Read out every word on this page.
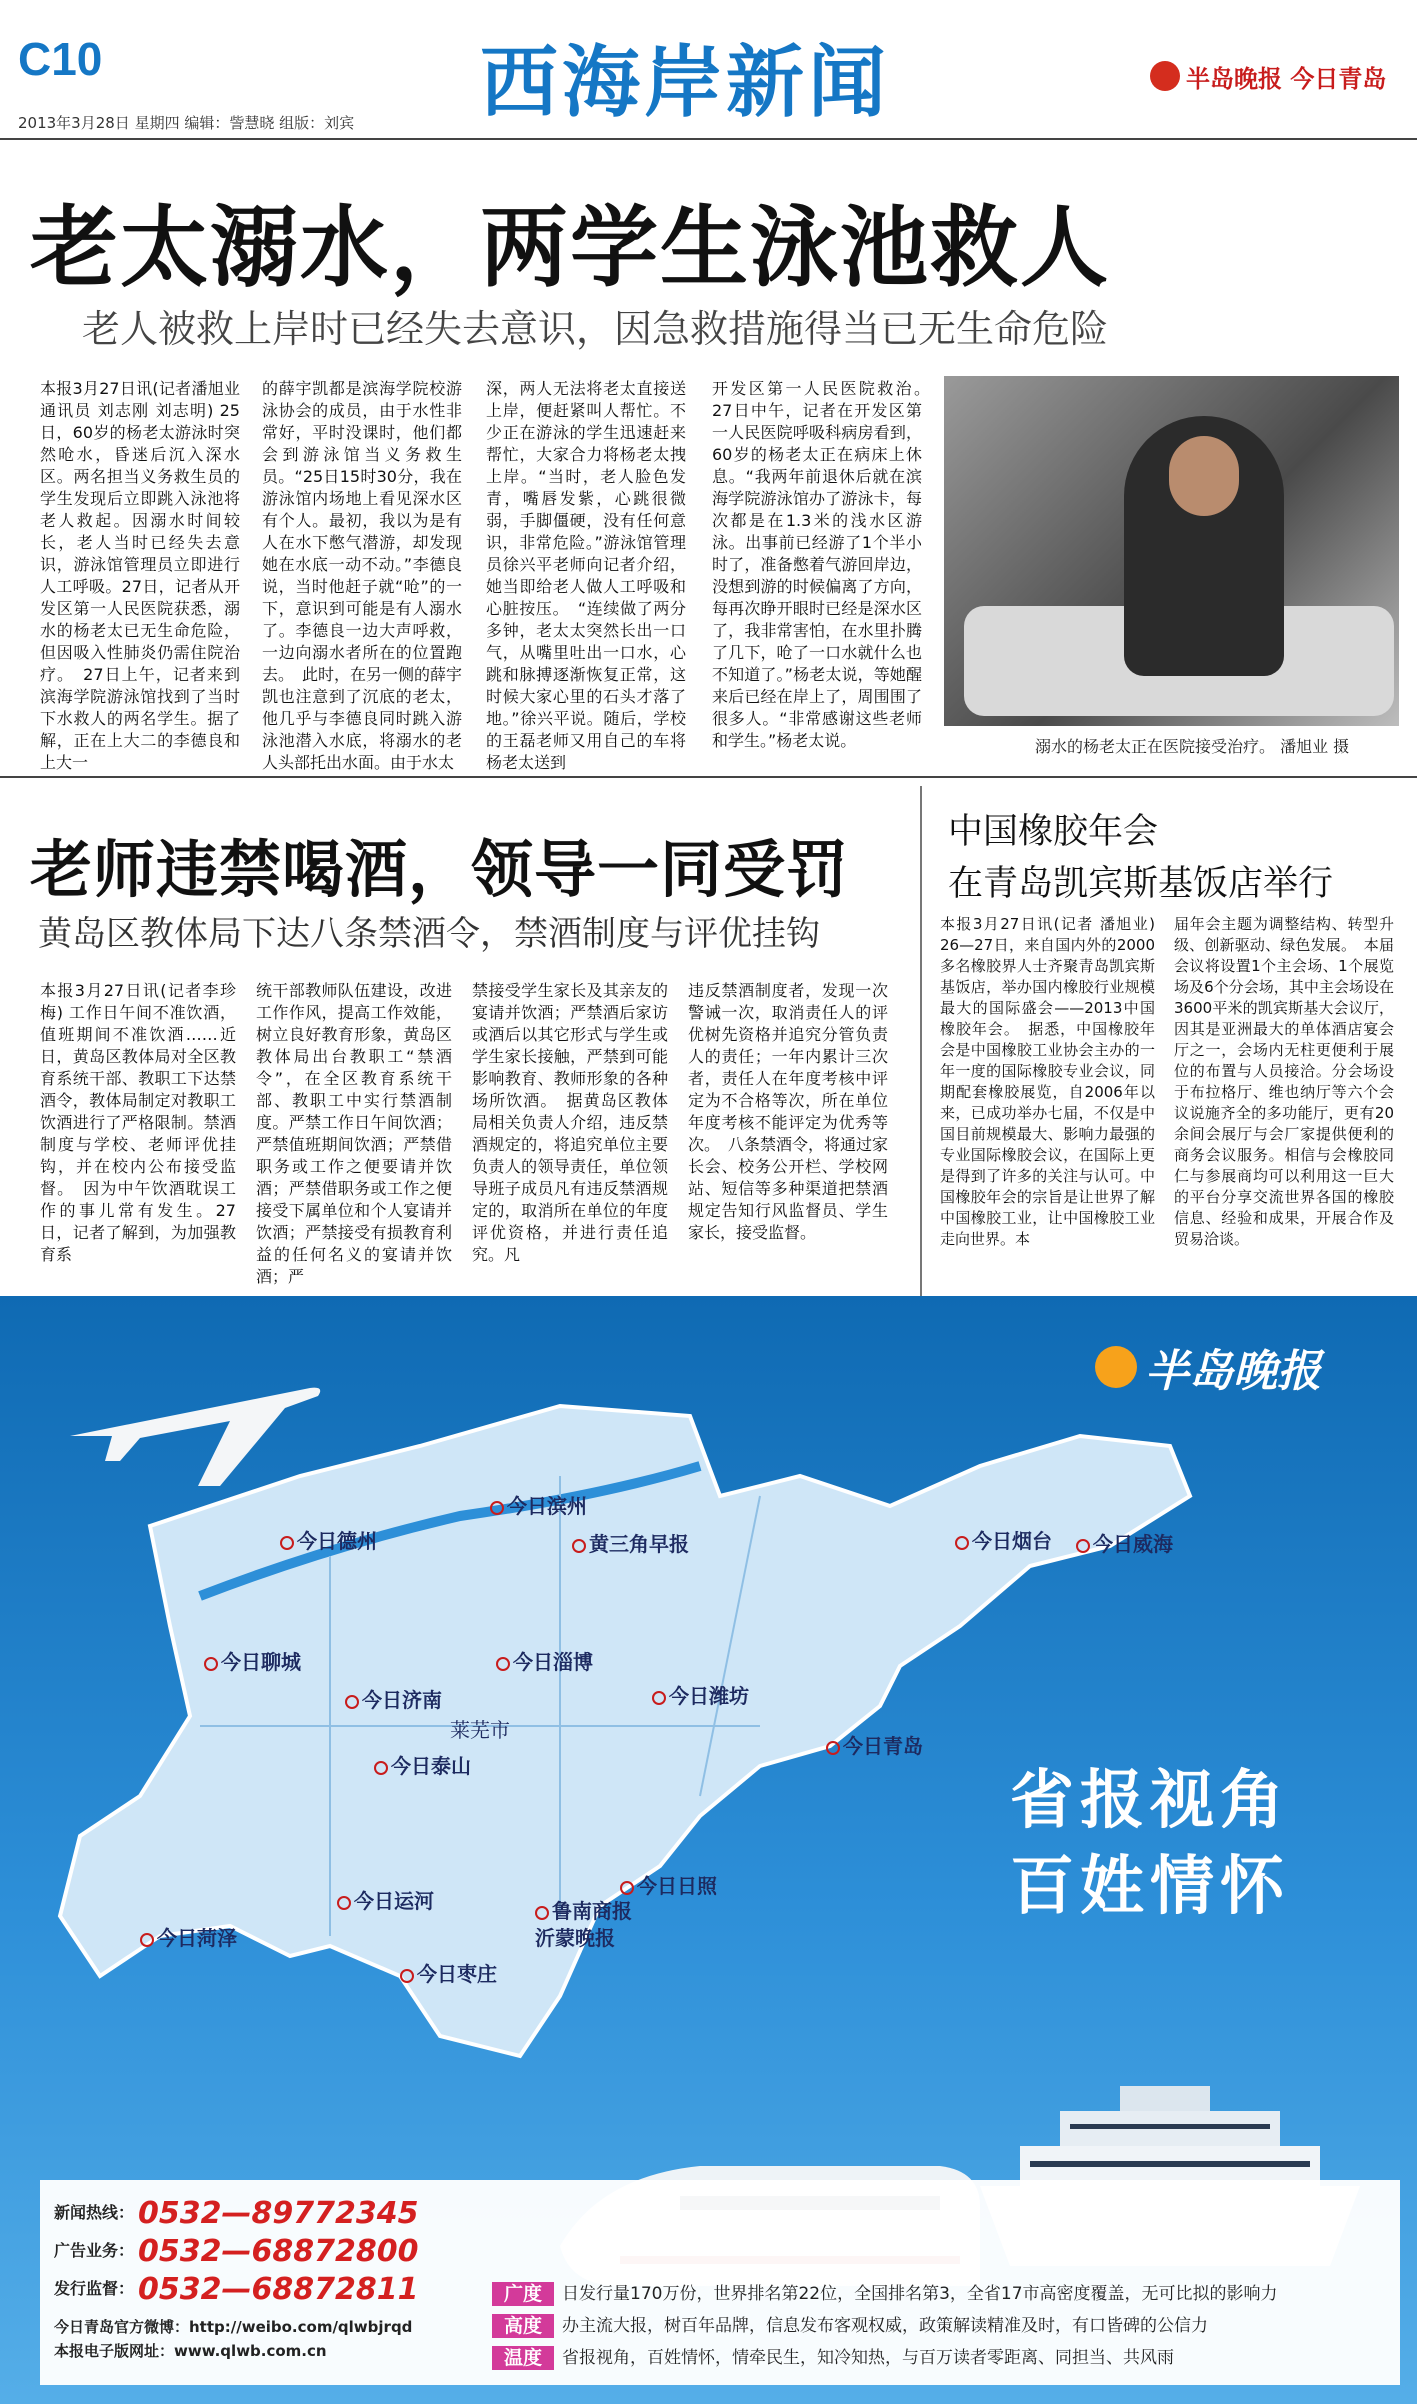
C10	西海岸新闻	半岛晚报 今日青岛
2013年3月28日 星期四 编辑：訾慧晓 组版：刘宾
老太溺水，两学生泳池救人
老人被救上岸时已经失去意识，因急救措施得当已无生命危险
本报3月27日讯(记者潘旭业 通讯员 刘志刚 刘志明) 25日，60岁的杨老太游泳时突然呛水，昏迷后沉入深水区。两名担当义务救生员的学生发现后立即跳入泳池将老人救起。因溺水时间较长，老人当时已经失去意识，游泳馆管理员立即进行人工呼吸。27日，记者从开发区第一人民医院获悉，溺水的杨老太已无生命危险，但因吸入性肺炎仍需住院治疗。　27日上午，记者来到滨海学院游泳馆找到了当时下水救人的两名学生。据了解，正在上大二的李德良和上大一
的薛宇凯都是滨海学院校游泳协会的成员，由于水性非常好，平时没课时，他们都会到游泳馆当义务救生员。“25日15时30分，我在游泳馆内场地上看见深水区有个人。最初，我以为是有人在水下憋气潜游，却发现她在水底一动不动。”李德良说，当时他赶子就“呛”的一下，意识到可能是有人溺水了。李德良一边大声呼救，一边向溺水者所在的位置跑去。　此时，在另一侧的薛宇凯也注意到了沉底的老太，他几乎与李德良同时跳入游泳池潜入水底，将溺水的老人头部托出水面。由于水太
深，两人无法将老太直接送上岸，便赶紧叫人帮忙。不少正在游泳的学生迅速赶来帮忙，大家合力将杨老太拽上岸。“当时，老人脸色发青，嘴唇发紫，心跳很微弱，手脚僵硬，没有任何意识，非常危险。”游泳馆管理员徐兴平老师向记者介绍，她当即给老人做人工呼吸和心脏按压。　“连续做了两分多钟，老太太突然长出一口气，从嘴里吐出一口水，心跳和脉搏逐渐恢复正常，这时候大家心里的石头才落了地。”徐兴平说。随后，学校的王磊老师又用自己的车将杨老太送到
开发区第一人民医院救治。　27日中午，记者在开发区第一人民医院呼吸科病房看到，60岁的杨老太正在病床上休息。“我两年前退休后就在滨海学院游泳馆办了游泳卡，每次都是在1.3米的浅水区游泳。出事前已经游了1个半小时了，准备憋着气游回岸边，没想到游的时候偏离了方向，每再次睁开眼时已经是深水区了，我非常害怕，在水里扑腾了几下，呛了一口水就什么也不知道了。”杨老太说，等她醒来后已经在岸上了，周围围了很多人。“非常感谢这些老师和学生。”杨老太说。	溺水的杨老太正在医院接受治疗。 潘旭业 摄
老师违禁喝酒，领导一同受罚
黄岛区教体局下达八条禁酒令，禁酒制度与评优挂钩
本报3月27日讯(记者李珍梅) 工作日午间不准饮酒，值班期间不准饮酒……近日，黄岛区教体局对全区教育系统干部、教职工下达禁酒令，教体局制定对教职工饮酒进行了严格限制。禁酒制度与学校、老师评优挂钩，并在校内公布接受监督。　因为中午饮酒耽误工作的事儿常有发生。27日，记者了解到，为加强教育系
统干部教师队伍建设，改进工作作风，提高工作效能，树立良好教育形象，黄岛区教体局出台教职工“禁酒令”，在全区教育系统干部、教职工中实行禁酒制度。严禁工作日午间饮酒；严禁值班期间饮酒；严禁借职务或工作之便要请并饮酒；严禁借职务或工作之便接受下属单位和个人宴请并饮酒；严禁接受有损教育利益的任何名义的宴请并饮酒；严
禁接受学生家长及其亲友的宴请并饮酒；严禁酒后家访或酒后以其它形式与学生或学生家长接触，严禁到可能影响教育、教师形象的各种场所饮酒。　据黄岛区教体局相关负责人介绍，违反禁酒规定的，将追究单位主要负责人的领导责任，单位领导班子成员凡有违反禁酒规定的，取消所在单位的年度评优资格，并进行责任追究。凡
违反禁酒制度者，发现一次警诫一次，取消责任人的评优树先资格并追究分管负责人的责任；一年内累计三次者，责任人在年度考核中评定为不合格等次，所在单位年度考核不能评定为优秀等次。　八条禁酒令，将通过家长会、校务公开栏、学校网站、短信等多种渠道把禁酒规定告知行风监督员、学生家长，接受监督。
中国橡胶年会
在青岛凯宾斯基饭店举行
本报3月27日讯(记者 潘旭业) 26—27日，来自国内外的2000多名橡胶界人士齐聚青岛凯宾斯基饭店，举办国内橡胶行业规模最大的国际盛会——2013中国橡胶年会。　据悉，中国橡胶年会是中国橡胶工业协会主办的一年一度的国际橡胶专业会议，同期配套橡胶展览，自2006年以来，已成功举办七届，不仅是中国目前规模最大、影响力最强的专业国际橡胶会议，在国际上更是得到了许多的关注与认可。中国橡胶年会的宗旨是让世界了解中国橡胶工业，让中国橡胶工业走向世界。本
届年会主题为调整结构、转型升级、创新驱动、绿色发展。　本届会议将设置1个主会场、1个展览场及6个分会场，其中主会场设在3600平米的凯宾斯基大会议厅，因其是亚洲最大的单体酒店宴会厅之一，会场内无柱更便利于展位的布置与人员接洽。分会场设于布拉格厅、维也纳厅等六个会议说施齐全的多功能厅，更有20余间会展厅与会厂家提供便利的商务会议服务。相信与会橡胶同仁与参展商均可以利用这一巨大的平台分享交流世界各国的橡胶信息、经验和成果，开展合作及贸易洽谈。
半岛晚报
省报视角
百姓情怀
今日德州
今日滨州
黄三角早报	今日烟台	今日威海
今日聊城
今日济南
今日淄博
今日潍坊
莱芜市
今日泰山
今日青岛
今日运河
今日菏泽
鲁南商报
沂蒙晚报
今日日照
今日枣庄
新闻热线： 0532—89772345
广告业务： 0532—68872800
发行监督： 0532—68872811
今日青岛官方微博：http://weibo.com/qlwbjrqd
本报电子版网址：www.qlwb.com.cn
广度	日发行量170万份，世界排名第22位，全国排名第3，全省17市高密度覆盖，无可比拟的影响力
高度	办主流大报，树百年品牌，信息发布客观权威，政策解读精准及时，有口皆碑的公信力
温度	省报视角，百姓情怀，情牵民生，知冷知热，与百万读者零距离、同担当、共风雨
